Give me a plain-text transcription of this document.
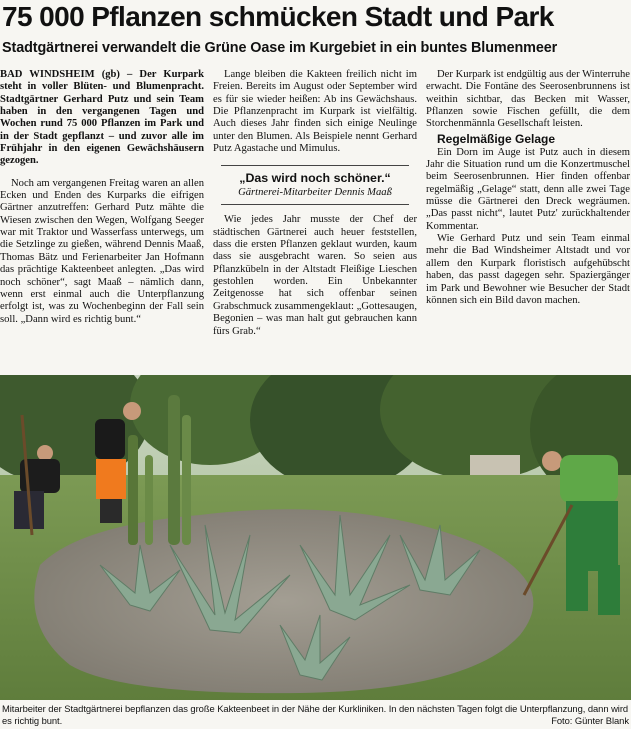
75 000 Pflanzen schmücken Stadt und Park
Stadtgärtnerei verwandelt die Grüne Oase im Kurgebiet in ein buntes Blumenmeer

BAD WINDSHEIM (gb) – Der Kurpark steht in voller Blüten- und Blumenpracht. Stadtgärtner Gerhard Putz und sein Team haben in den vergangenen Tagen und Wochen rund 75 000 Pflanzen im Park und in der Stadt gepflanzt – und zuvor alle im Frühjahr in den eigenen Gewächshäusern gezogen.

Noch am vergangenen Freitag waren an allen Ecken und Enden des Kurparks die eifrigen Gärtner anzutreffen: Gerhard Putz mähte die Wiesen zwischen den Wegen, Wolfgang Seeger war mit Traktor und Wasserfass unterwegs, um die Setzlinge zu gießen, während Dennis Maaß, Thomas Bätz und Ferienarbeiter Jan Hofmann das prächtige Kakteenbeet anlegten. „Das wird noch schöner“, sagt Maaß – nämlich dann, wenn erst einmal auch die Unterpflanzung erfolgt ist, was zu Wochenbeginn der Fall sein soll. „Dann wird es richtig bunt.“

Lange bleiben die Kakteen freilich nicht im Freien. Bereits im August oder September wird es für sie wieder heißen: Ab ins Gewächshaus. Die Pflanzenpracht im Kurpark ist vielfältig. Auch dieses Jahr finden sich einige Neulinge unter den Blumen. Als Beispiele nennt Gerhard Putz Agastache und Mimulus.

„Das wird noch schöner.“
Gärtnerei-Mitarbeiter Dennis Maaß

Wie jedes Jahr musste der Chef der städtischen Gärtnerei auch heuer feststellen, dass die ersten Pflanzen geklaut wurden, kaum dass sie ausgebracht waren. So seien aus Pflanzkübeln in der Altstadt Fleißige Lieschen gestohlen worden. Ein Unbekannter Zeitgenosse hat sich offenbar seinen Grabschmuck zusammengeklaut: „Gottesaugen, Begonien – was man halt gut gebrauchen kann fürs Grab.“

Der Kurpark ist endgültig aus der Winterruhe erwacht. Die Fontäne des Seerosenbrunnens ist weithin sichtbar, das Becken mit Wasser, Pflanzen sowie Fischen gefüllt, die dem Storchenmännla Gesellschaft leisten.

Regelmäßige Gelage

Ein Dorn im Auge ist Putz auch in diesem Jahr die Situation rund um die Konzertmuschel beim Seerosenbrunnen. Hier finden offenbar regelmäßig „Gelage“ statt, denn alle zwei Tage müsse die Gärtnerei den Dreck wegräumen. „Das passt nicht“, lautet Putz' zurückhaltender Kommentar.

Wie Gerhard Putz und sein Team einmal mehr die Bad Windsheimer Altstadt und vor allem den Kurpark floristisch aufgehübscht haben, das passt dagegen sehr. Spaziergänger im Park und Bewohner wie Besucher der Stadt können sich ein Bild davon machen.

Mitarbeiter der Stadtgärtnerei bepflanzen das große Kakteenbeet in der Nähe der Kurkliniken. In den nächsten Tagen folgt die Unterpflanzung, dann wird es richtig bunt.	Foto: Günter Blank
